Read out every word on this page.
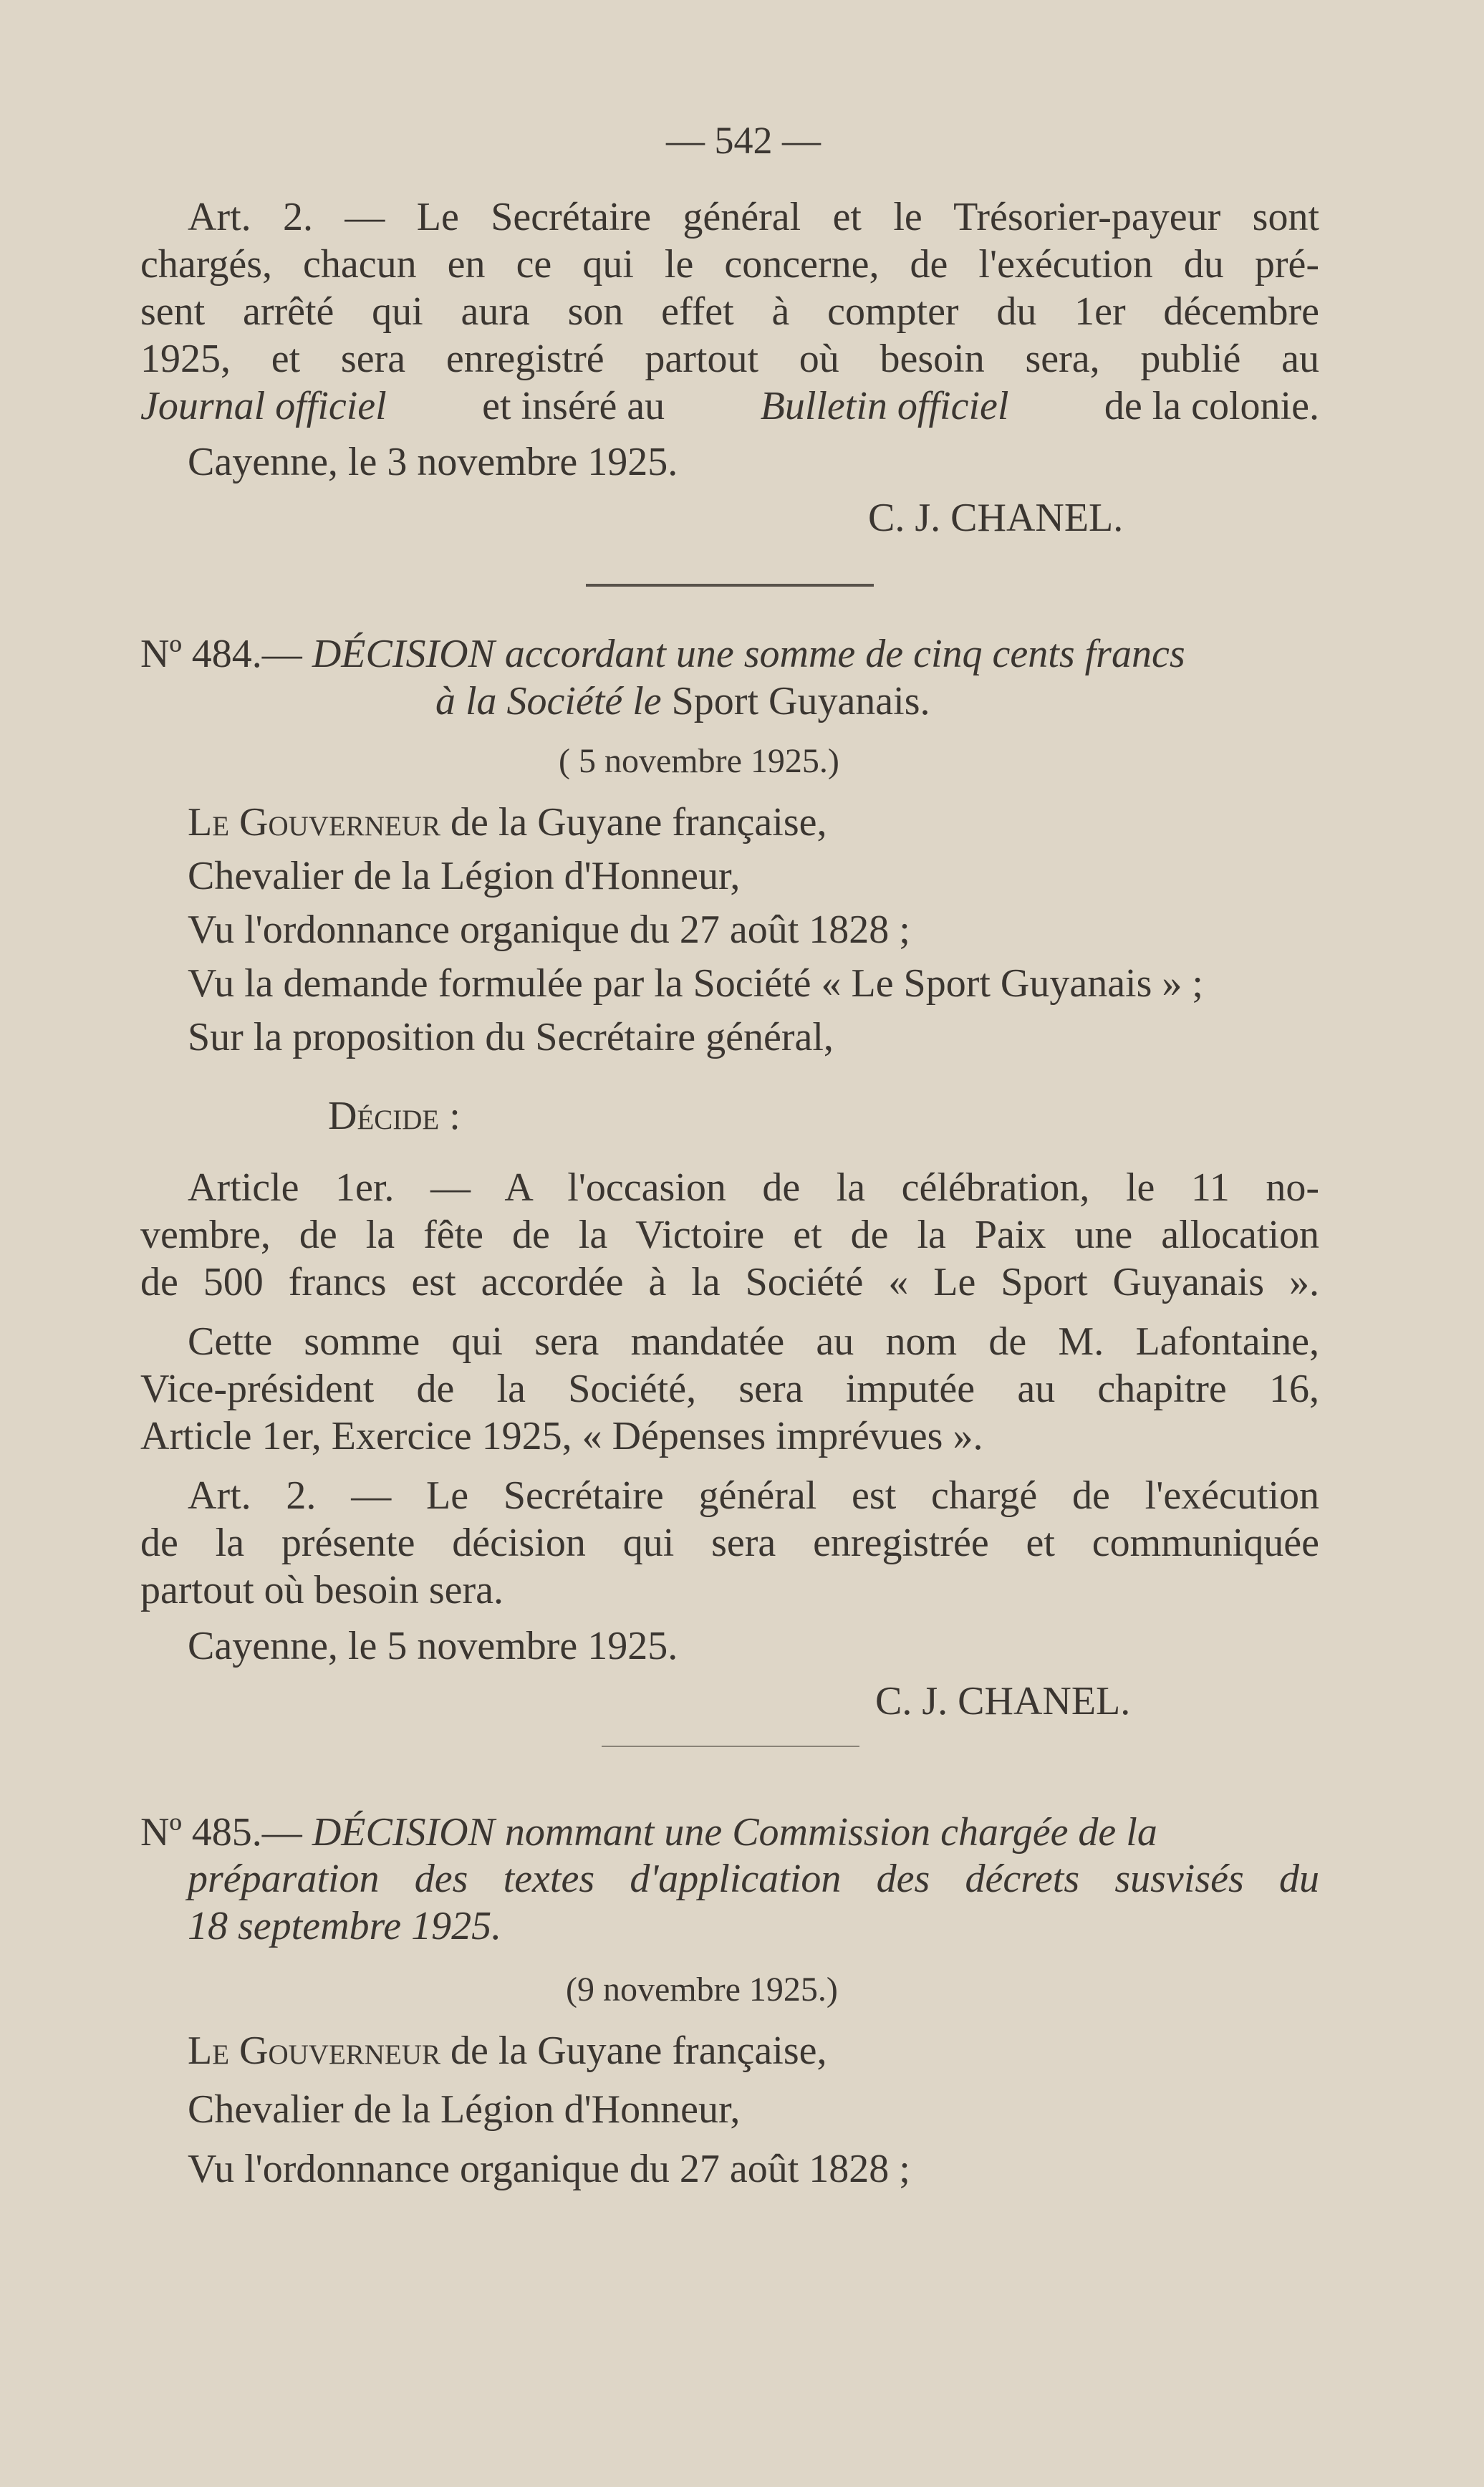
— 542 —
Art. 2. — Le Secrétaire général et le Trésorier-payeur sont
chargés, chacun en ce qui le concerne, de l'exécution du pré-
sent arrêté qui aura son effet à compter du 1er décembre
1925, et sera enregistré partout où besoin sera, publié au
Journal officiel et inséré au Bulletin officiel de la colonie.
Cayenne, le 3 novembre 1925.
C. J. CHANEL.
Nº 484.— DÉCISION accordant une somme de cinq cents francs
à la Société le Sport Guyanais.
( 5 novembre 1925.)
Le Gouverneur de la Guyane française,
Chevalier de la Légion d'Honneur,
Vu l'ordonnance organique du 27 août 1828 ;
Vu la demande formulée par la Société « Le Sport Guyanais » ;
Sur la proposition du Secrétaire général,
Décide :
Article 1er. — A l'occasion de la célébration, le 11 no-
vembre, de la fête de la Victoire et de la Paix une allocation
de 500 francs est accordée à la Société « Le Sport Guyanais ».
Cette somme qui sera mandatée au nom de M. Lafontaine,
Vice-président de la Société, sera imputée au chapitre 16,
Article 1er, Exercice 1925, « Dépenses imprévues ».
Art. 2. — Le Secrétaire général est chargé de l'exécution
de la présente décision qui sera enregistrée et communiquée
partout où besoin sera.
Cayenne, le 5 novembre 1925.
C. J. CHANEL.
Nº 485.— DÉCISION nommant une Commission chargée de la
préparation des textes d'application des décrets susvisés du
18 septembre 1925.
(9 novembre 1925.)
Le Gouverneur de la Guyane française,
Chevalier de la Légion d'Honneur,
Vu l'ordonnance organique du 27 août 1828 ;
